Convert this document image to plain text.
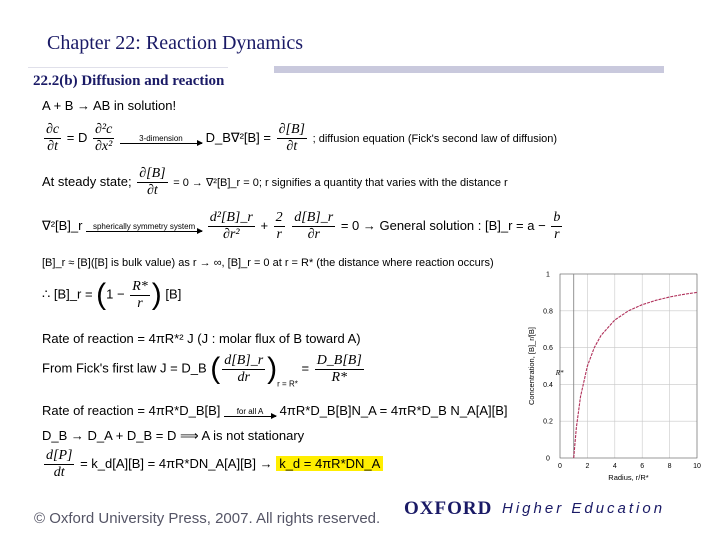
Chapter 22: Reaction Dynamics
22.2(b) Diffusion and reaction
A + B → AB in solution!
$\frac{\partial c}{\partial t} = D \frac{\text{∂²c}}{\text{∂x²}}$
	3-dimension	D_B∇²[B] = $\frac{\partial[B]}{\partial t}$ ; diffusion equation (Fick's second law of diffusion)
At steady state; $\frac{\partial[B]}{\partial t} = 0$ → ∇²[B]_r = 0; r signifies a quantity that varies with the distance r
∇²[B]_r	spherically symmetry system
$\frac{\text{d²[B]\_r}}{\text{∂r²}} + \frac{2}{r}$
$\frac{d[B]\_r}{\partial r} = 0$ → General solution : [B]_r = $a - \frac{b}{r}$
[B]_r ≈ [B]([B] is bulk value) as r → ∞, [B]_r = 0 at r = R* (the distance where reaction occurs)
∴ [B]_r = ($1 - \frac{R*}{r}$ ) [B]
Rate of reaction = 4πR*² J (J : molar flux of B toward A)
From Fick's first law J = D_B ( $\frac{d[B]\_r}{dr} )_{r = R*} = \frac{D\_B[B]}{R*}$
Rate of reaction = 4πR*D_B[B]	for all A	4πR*D_B[B]N_A = 4πR*D_B N_A[A][B]
D_B → D_A + D_B = D ⟹ A is not stationary
$\frac{d[P]}{dt}$ = k_d[A][B] = 4πR*DN_A[A][B] → k_d = 4πR*DN_A	0	2	4	6	8	10
0
0.2
0.4
0.6
0.8
1
R*
Radius, r/R*
Concentration, [B]_r/[B]
© Oxford University Press, 2007. All rights reserved. OXFORD Higher Education
